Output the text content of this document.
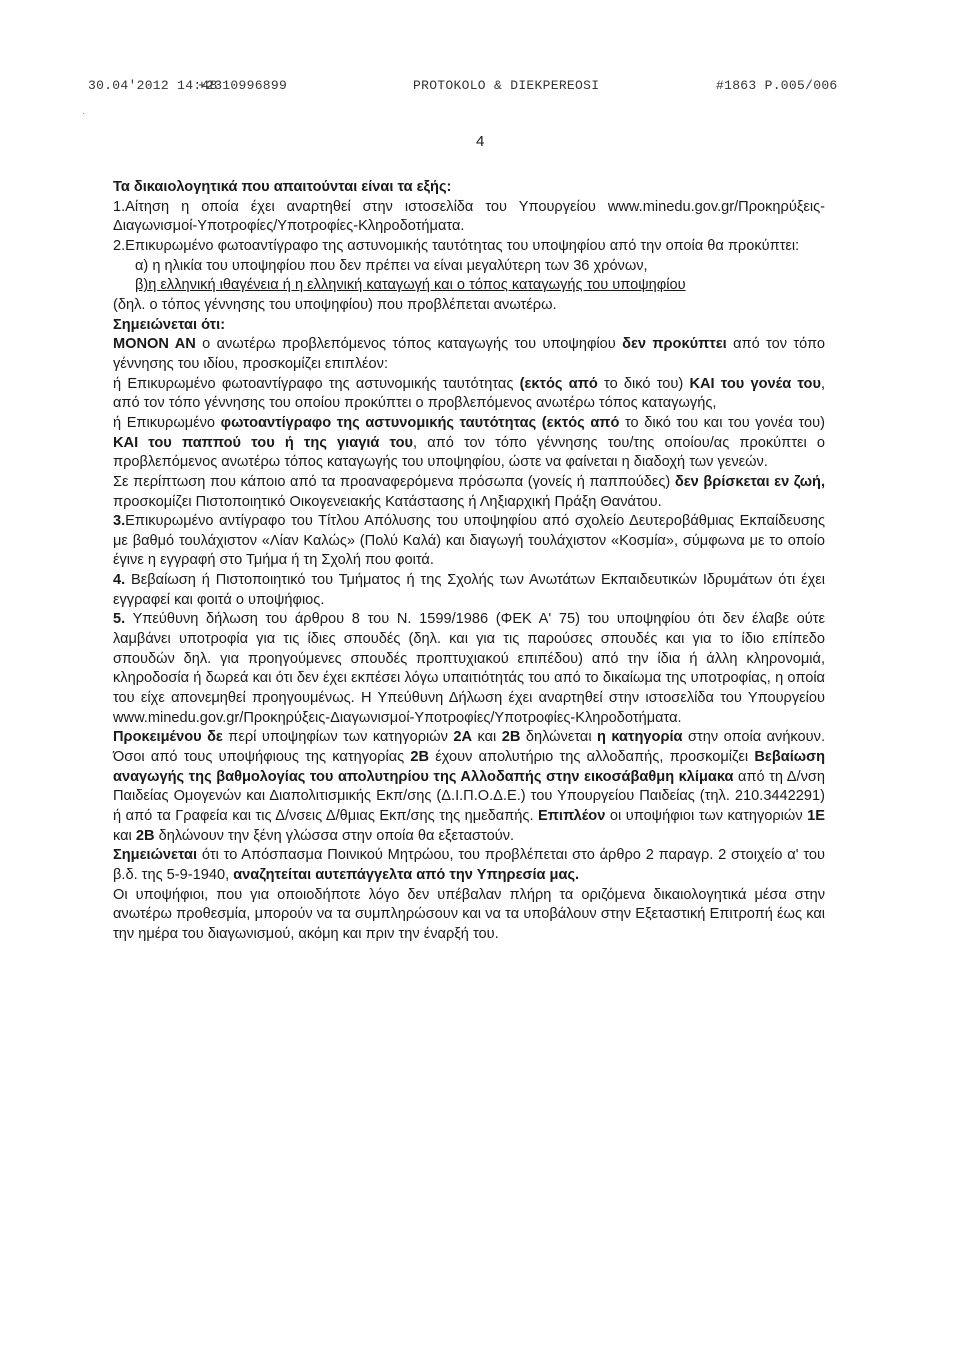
30.04'2012 14:48
+2310996899	PROTOKOLO & DIEKPEREOSI	#1863 P.005/006
·
4

Τα δικαιολογητικά που απαιτούνται είναι τα εξής:

1.Αίτηση η οποία έχει αναρτηθεί στην ιστοσελίδα του Υπουργείου www.minedu.gov.gr/Προκηρύξεις-Διαγωνισμοί-Υποτροφίες/Υποτροφίες-Κληροδοτήματα.

2.Επικυρωμένο φωτοαντίγραφο της αστυνομικής ταυτότητας του υποψηφίου από την οποία θα προκύπτει:

α) η ηλικία του υποψηφίου που δεν πρέπει να είναι μεγαλύτερη των 36 χρόνων,

β)η ελληνική ιθαγένεια ή η ελληνική καταγωγή και ο τόπος καταγωγής του υποψηφίου

(δηλ. ο τόπος γέννησης του υποψηφίου) που προβλέπεται ανωτέρω.

Σημειώνεται ότι:

ΜΟΝΟΝ ΑΝ ο ανωτέρω προβλεπόμενος τόπος καταγωγής του υποψηφίου δεν προκύπτει από τον τόπο γέννησης του ιδίου, προσκομίζει επιπλέον:

ή Επικυρωμένο φωτοαντίγραφο της αστυνομικής ταυτότητας (εκτός από το δικό του) ΚΑΙ του γονέα του, από τον τόπο γέννησης του οποίου προκύπτει ο προβλεπόμενος ανωτέρω τόπος καταγωγής,

ή Επικυρωμένο φωτοαντίγραφο της αστυνομικής ταυτότητας (εκτός από το δικό του και του γονέα του) ΚΑΙ του παππού του ή της γιαγιά του, από τον τόπο γέννησης του/της οποίου/ας προκύπτει ο προβλεπόμενος ανωτέρω τόπος καταγωγής του υποψηφίου, ώστε να φαίνεται η διαδοχή των γενεών.

Σε περίπτωση που κάποιο από τα προαναφερόμενα πρόσωπα (γονείς ή παππούδες) δεν βρίσκεται εν ζωή, προσκομίζει Πιστοποιητικό Οικογενειακής Κατάστασης ή Ληξιαρχική Πράξη Θανάτου.

3.Επικυρωμένο αντίγραφο του Τίτλου Απόλυσης του υποψηφίου από σχολείο Δευτεροβάθμιας Εκπαίδευσης με βαθμό τουλάχιστον «Λίαν Καλώς» (Πολύ Καλά) και διαγωγή τουλάχιστον «Κοσμία», σύμφωνα με το οποίο έγινε η εγγραφή στο Τμήμα ή τη Σχολή που φοιτά.

4. Βεβαίωση ή Πιστοποιητικό του Τμήματος ή της Σχολής των Ανωτάτων Εκπαιδευτικών Ιδρυμάτων ότι έχει εγγραφεί και φοιτά ο υποψήφιος.

5. Υπεύθυνη δήλωση του άρθρου 8 του Ν. 1599/1986 (ΦΕΚ Α' 75) του υποψηφίου ότι δεν έλαβε ούτε λαμβάνει υποτροφία για τις ίδιες σπουδές (δηλ. και για τις παρούσες σπουδές και για το ίδιο επίπεδο σπουδών δηλ. για προηγούμενες σπουδές προπτυχιακού επιπέδου) από την ίδια ή άλλη κληρονομιά, κληροδοσία ή δωρεά και ότι δεν έχει εκπέσει λόγω υπαιτιότητάς του από το δικαίωμα της υποτροφίας, η οποία του είχε απονεμηθεί προηγουμένως. Η Υπεύθυνη Δήλωση έχει αναρτηθεί στην ιστοσελίδα του Υπουργείου www.minedu.gov.gr/Προκηρύξεις-Διαγωνισμοί-Υποτροφίες/Υποτροφίες-Κληροδοτήματα.

Προκειμένου δε περί υποψηφίων των κατηγοριών 2Α και 2Β δηλώνεται η κατηγορία στην οποία ανήκουν. Όσοι από τους υποψήφιους της κατηγορίας 2Β έχουν απολυτήριο της αλλοδαπής, προσκομίζει Βεβαίωση αναγωγής της βαθμολογίας του απολυτηρίου της Αλλοδαπής στην εικοσάβαθμη κλίμακα από τη Δ/νση Παιδείας Ομογενών και Διαπολιτισμικής Εκπ/σης (Δ.Ι.Π.Ο.Δ.Ε.) του Υπουργείου Παιδείας (τηλ. 210.3442291) ή από τα Γραφεία και τις Δ/νσεις Δ/θμιας Εκπ/σης της ημεδαπής. Επιπλέον οι υποψήφιοι των κατηγοριών 1Ε και 2Β δηλώνουν την ξένη γλώσσα στην οποία θα εξεταστούν.

Σημειώνεται ότι το Απόσπασμα Ποινικού Μητρώου, του προβλέπεται στο άρθρο 2 παραγρ. 2 στοιχείο α' του β.δ. της 5-9-1940, αναζητείται αυτεπάγγελτα από την Υπηρεσία μας.

Οι υποψήφιοι, που για οποιοδήποτε λόγο δεν υπέβαλαν πλήρη τα οριζόμενα δικαιολογητικά μέσα στην ανωτέρω προθεσμία, μπορούν να τα συμπληρώσουν και να τα υποβάλουν στην Εξεταστική Επιτροπή έως και την ημέρα του διαγωνισμού, ακόμη και πριν την έναρξή του.
